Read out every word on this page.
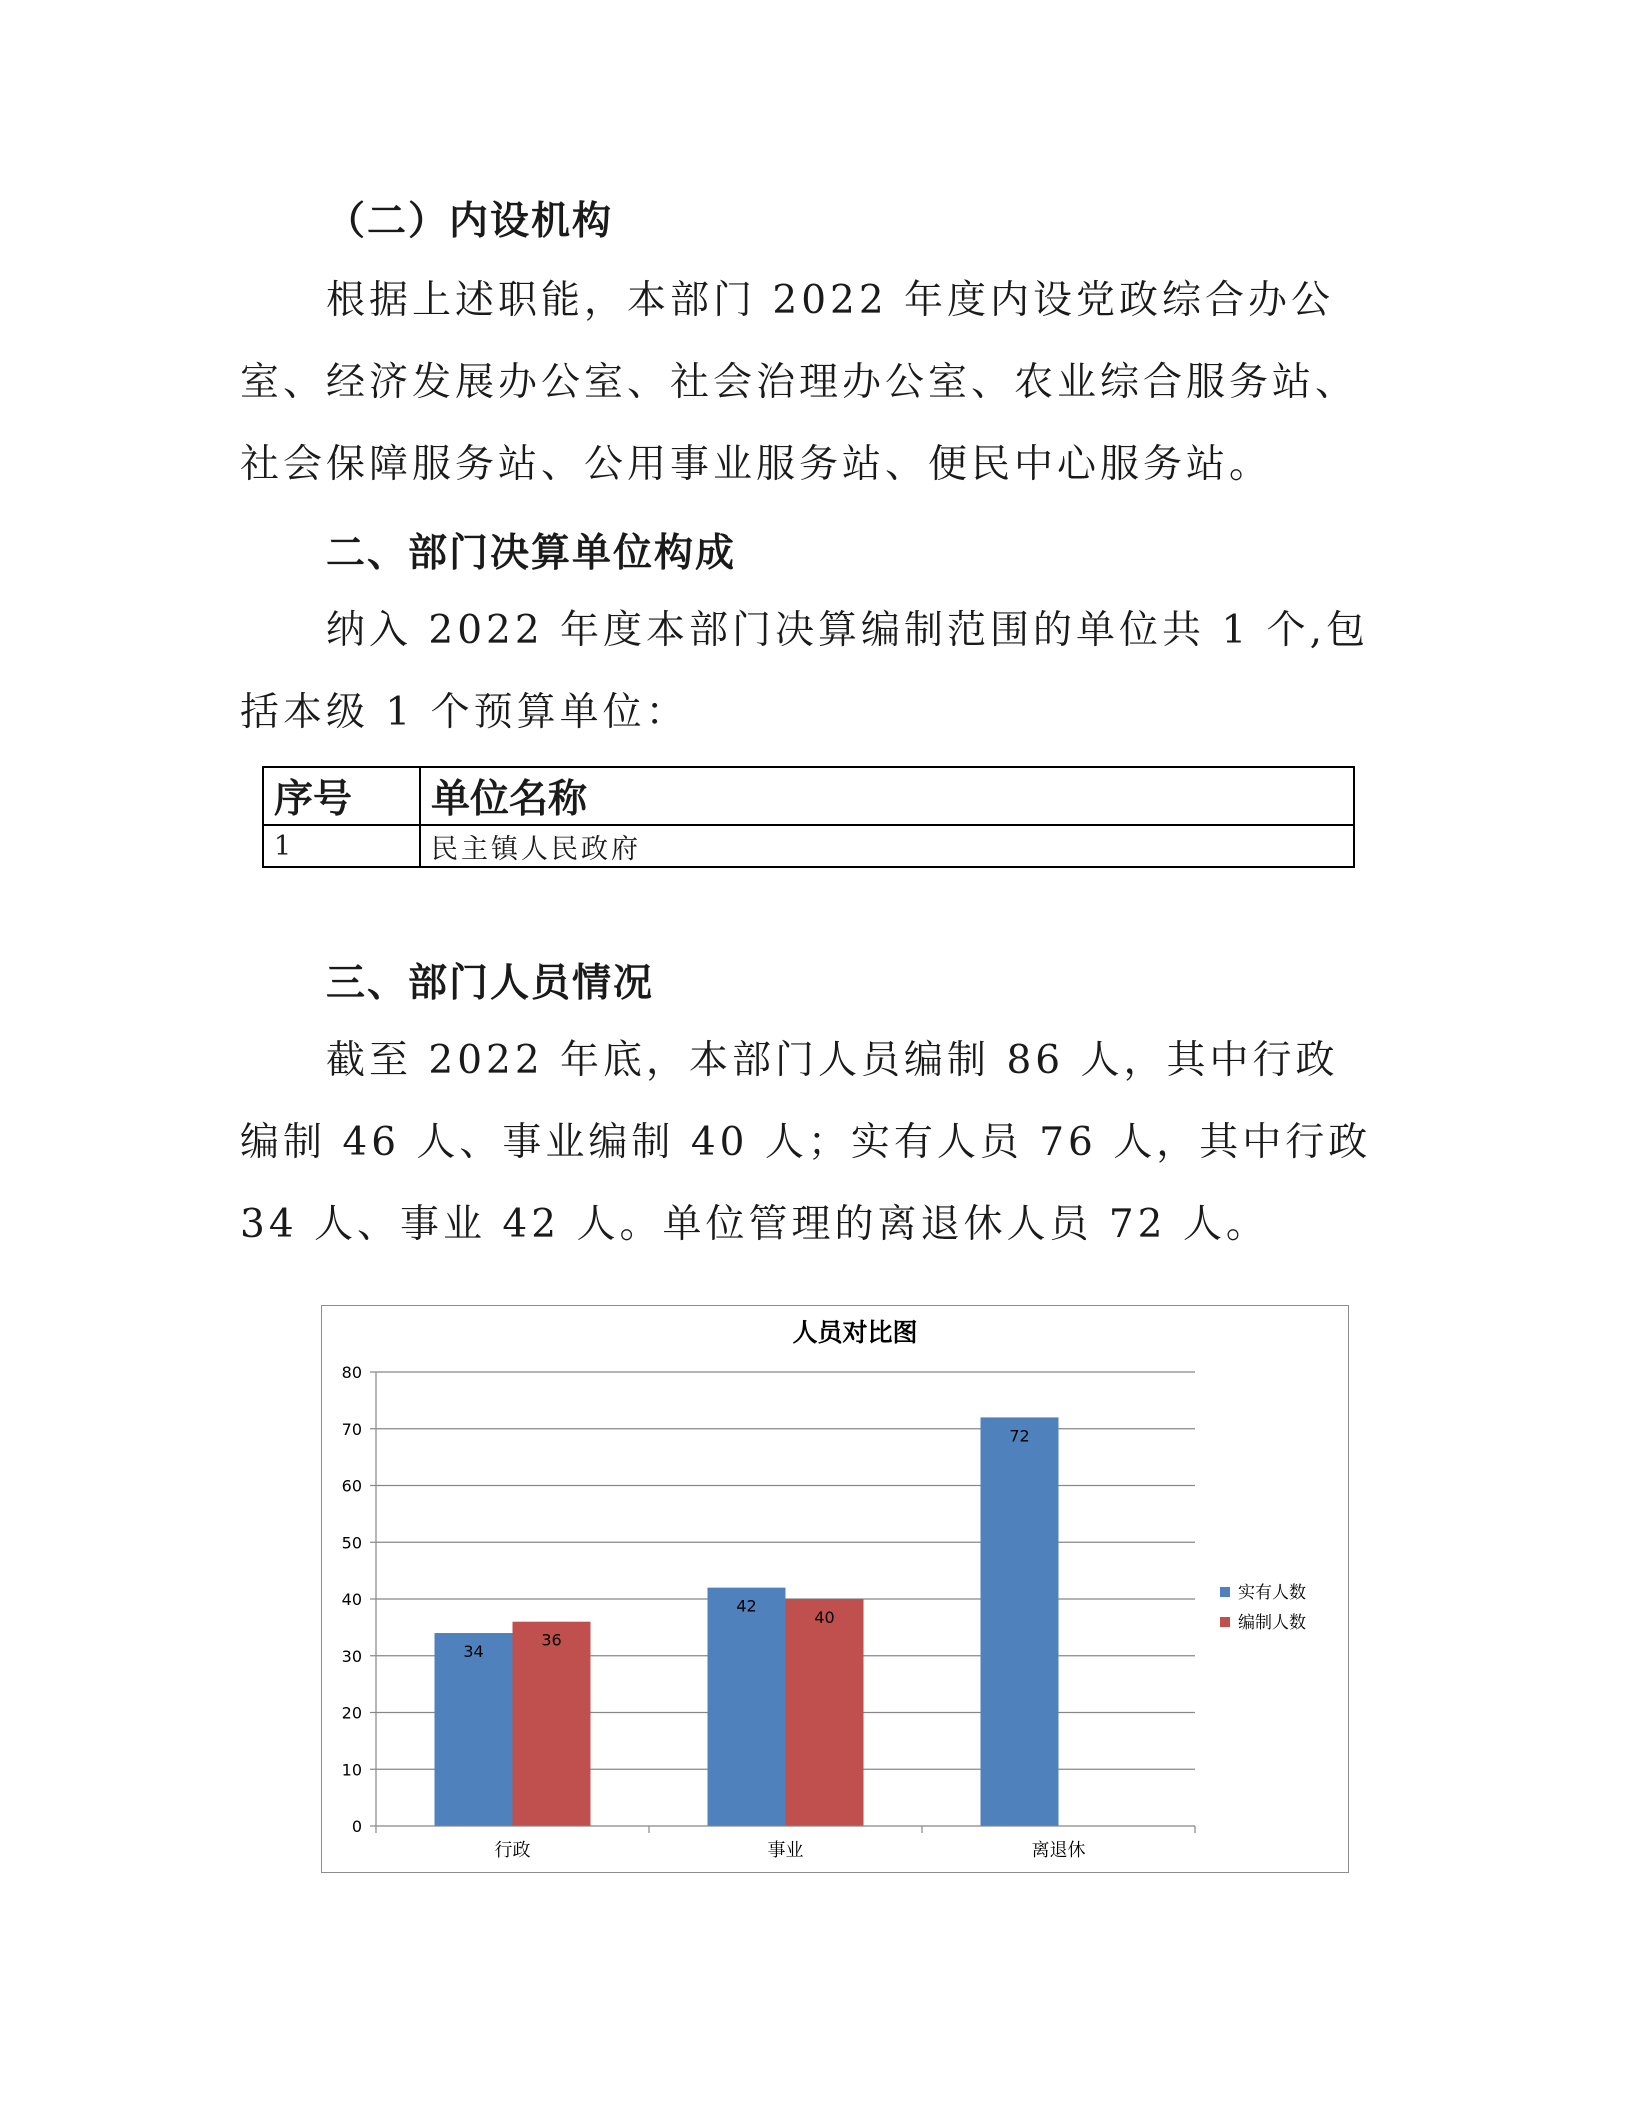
（二）内设机构

根据上述职能，本部门 2022 年度内设党政综合办公室、经济发展办公室、社会治理办公室、农业综合服务站、社会保障服务站、公用事业服务站、便民中心服务站。

二、部门决算单位构成

纳入 2022 年度本部门决算编制范围的单位共 1 个,包括本级 1 个预算单位：

序号	单位名称
1	民主镇人民政府
三、部门人员情况

截至 2022 年底，本部门人员编制 86 人，其中行政编制 46 人、事业编制 40 人；实有人员 76 人，其中行政 34 人、事业 42 人。单位管理的离退休人员 72 人。

人员对比图
34
36
42
40
72
0
10
20
30
40
50
60
70
80
行政	事业	离退休
实有人数
编制人数
